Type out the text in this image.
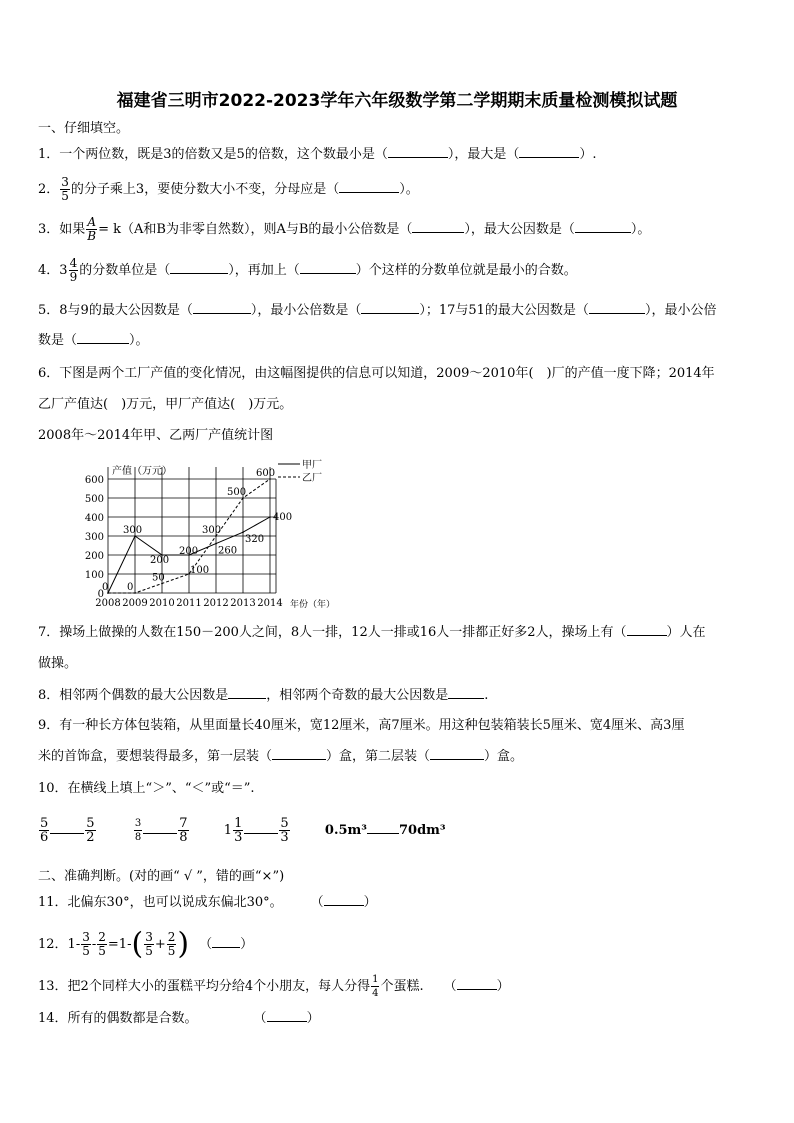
福建省三明市2022-2023学年六年级数学第二学期期末质量检测模拟试题
一、仔细填空。
1．一个两位数，既是3的倍数又是5的倍数，这个数最小是（	），最大是（	）.
2． $\frac{3}{5}$ 的分子乘上3，要使分数大小不变，分母应是（	）。
3．如果 $\frac{A}{B} = k(A$和B为非零自然数），则A与B的最小公倍数是（	），最大公因数是（	）。
4．$3 \frac{4}{9}$ 的分数单位是（	），再加上（	）个这样的分数单位就是最小的合数。
5．8与9的最大公因数是（	），最小公倍数是（	）；17与51的最大公因数是（	），最小公倍
数是（	）。
6．下图是两个工厂产值的变化情况，由这幅图提供的信息可以知道，2009～2010年(　)厂的产值一度下降；2014年
乙厂产值达(　)万元，甲厂产值达(　)万元。
2008年～2014年甲、乙两厂产值统计图
0
100
200
300
400
500
600
2008 2009 2010 2011 2012 2013 2014
产值（万元）
年份（年）
0
300
200
200 260
320
400
0
50
100
300
500
600
甲厂
乙厂
7．操场上做操的人数在150－200人之间，8人一排，12人一排或16人一排都正好多2人，操场上有（	）人在
做操。
8．相邻两个偶数的最大公因数是	，相邻两个奇数的最大公因数是	.
9．有一种长方体包装箱，从里面量长40厘米，宽12厘米，高7厘米。用这种包装箱装长5厘米、宽4厘米、高3厘
米的首饰盒，要想装得最多，第一层装（	）盒，第二层装（	）盒。
10．在横线上填上“＞”、“＜”或“＝”.
$\frac{5}{6}$	$\frac{5}{2}$
	$\frac{3}{8}$	$\frac{7}{8}$	$1 \frac{1}{3}$	$\frac{5}{3}$	0.5m³ 70dm³
二、准确判断。(对的画“ √ ”，错的画“×”)
11．北偏东30°，也可以说成东偏北30°。 （	）
12．$1- \frac{3}{5} - \frac{2}{5} =1-( \frac{3}{5} + \frac{2}{5}$ ) （ ）
13．把2个同样大小的蛋糕平均分给4个小朋友，每人分得 $\frac{1}{4}$ 个蛋糕. （	）
14．所有的偶数都是合数。	（	）
